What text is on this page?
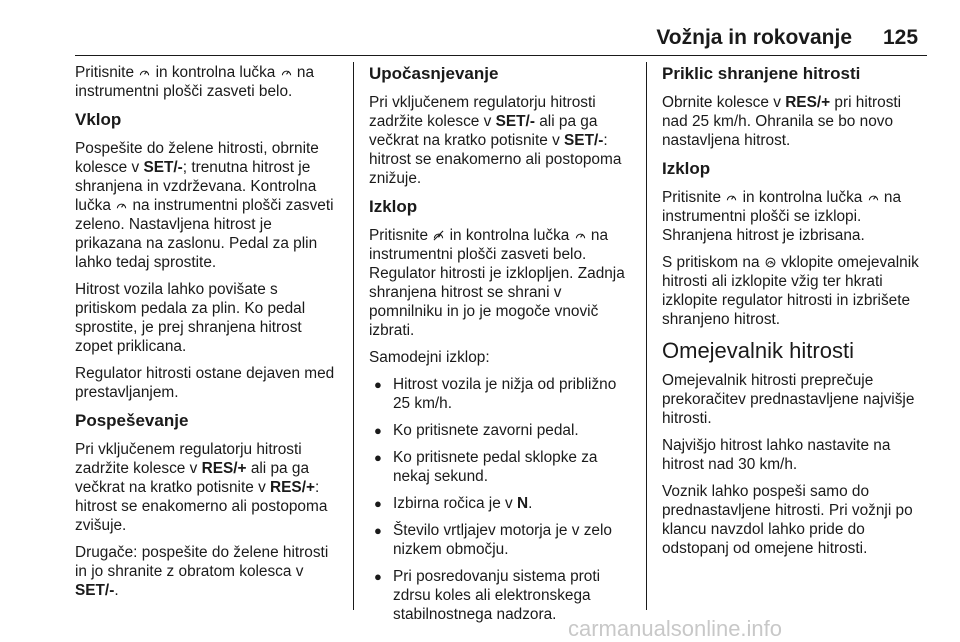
Vožnja in rokovanje 125

Pritisnite in kontrolna lučka na instrumentni plošči zasveti belo.

Vklop

Pospešite do želene hitrosti, obrnite kolesce v SET/-; trenutna hitrost je shranjena in vzdrževana. Kontrolna lučka na instrumentni plošči zasveti zeleno. Nastavljena hitrost je prikazana na zaslonu. Pedal za plin lahko tedaj sprostite.

Hitrost vozila lahko povišate s pritiskom pedala za plin. Ko pedal sprostite, je prej shranjena hitrost zopet priklicana.

Regulator hitrosti ostane dejaven med prestavljanjem.

Pospeševanje

Pri vključenem regulatorju hitrosti zadržite kolesce v RES/+ ali pa ga večkrat na kratko potisnite v RES/+: hitrost se enakomerno ali postopoma zvišuje.

Drugače: pospešite do želene hitrosti in jo shranite z obratom kolesca v SET/-.

Upočasnjevanje

Pri vključenem regulatorju hitrosti zadržite kolesce v SET/- ali pa ga večkrat na kratko potisnite v SET/-: hitrost se enakomerno ali postopoma znižuje.

Izklop

Pritisnite in kontrolna lučka na instrumentni plošči zasveti belo. Regulator hitrosti je izklopljen. Zadnja shranjena hitrost se shrani v pomnilniku in jo je mogoče vnovič izbrati.

Samodejni izklop:

● Hitrost vozila je nižja od približno 25 km/h.
● Ko pritisnete zavorni pedal.
● Ko pritisnete pedal sklopke za nekaj sekund.
● Izbirna ročica je v N.
● Število vrtljajev motorja je v zelo nizkem območju.
● Pri posredovanju sistema proti zdrsu koles ali elektronskega stabilnostnega nadzora.
Priklic shranjene hitrosti

Obrnite kolesce v RES/+ pri hitrosti nad 25 km/h. Ohranila se bo novo nastavljena hitrost.

Izklop

Pritisnite in kontrolna lučka na instrumentni plošči se izklopi. Shranjena hitrost je izbrisana.

S pritiskom na vklopite omejevalnik hitrosti ali izklopite vžig ter hkrati izklopite regulator hitrosti in izbrišete shranjeno hitrost.

Omejevalnik hitrosti

Omejevalnik hitrosti preprečuje prekoračitev prednastavljene najvišje hitrosti.

Najvišjo hitrost lahko nastavite na hitrost nad 30 km/h.

Voznik lahko pospeši samo do prednastavljene hitrosti. Pri vožnji po klancu navzdol lahko pride do odstopanj od omejene hitrosti.

carmanualsonline.info
